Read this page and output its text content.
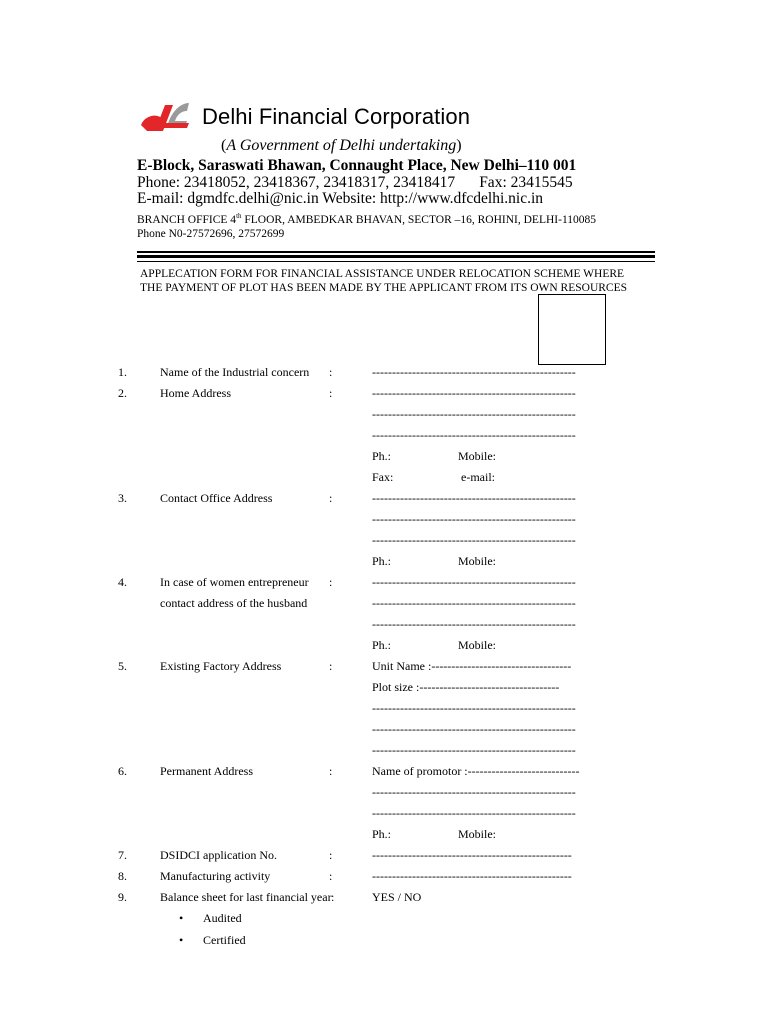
Delhi Financial Corporation
(A Government of Delhi undertaking)
E-Block, Saraswati Bhawan, Connaught Place, New Delhi–110 001
Phone: 23418052, 23418367, 23418317, 23418417 Fax: 23415545
E-mail: dgmdfc.delhi@nic.in Website: http://www.dfcdelhi.nic.in
BRANCH OFFICE 4th FLOOR, AMBEDKAR BHAVAN, SECTOR –16, ROHINI, DELHI-110085
Phone N0-27572696, 27572699
APPLECATION FORM FOR FINANCIAL ASSISTANCE UNDER RELOCATION SCHEME WHERE
THE PAYMENT OF PLOT HAS BEEN MADE BY THE APPLICANT FROM ITS OWN RESOURCES
1.	Name of the Industrial concern :	---------------------------------------------------
2.	Home Address	:	---------------------------------------------------
---------------------------------------------------
---------------------------------------------------
Ph.:	Mobile:
Fax:	e-mail:
3.	Contact Office Address	:	---------------------------------------------------
---------------------------------------------------
---------------------------------------------------
Ph.:	Mobile:
4.	In case of women entrepreneur :	---------------------------------------------------
contact address of the husband	---------------------------------------------------
---------------------------------------------------
Ph.:	Mobile:
5.	Existing Factory Address	:	Unit Name :-----------------------------------
Plot size :-----------------------------------
---------------------------------------------------
---------------------------------------------------
---------------------------------------------------
6.	Permanent Address	:	Name of promotor :----------------------------
---------------------------------------------------
---------------------------------------------------
Ph.:	Mobile:
7.	DSIDCI application No.	:	--------------------------------------------------
8.	Manufacturing activity	:	--------------------------------------------------
9.	Balance sheet for last financial year :	YES / NO
• Audited
• Certified
